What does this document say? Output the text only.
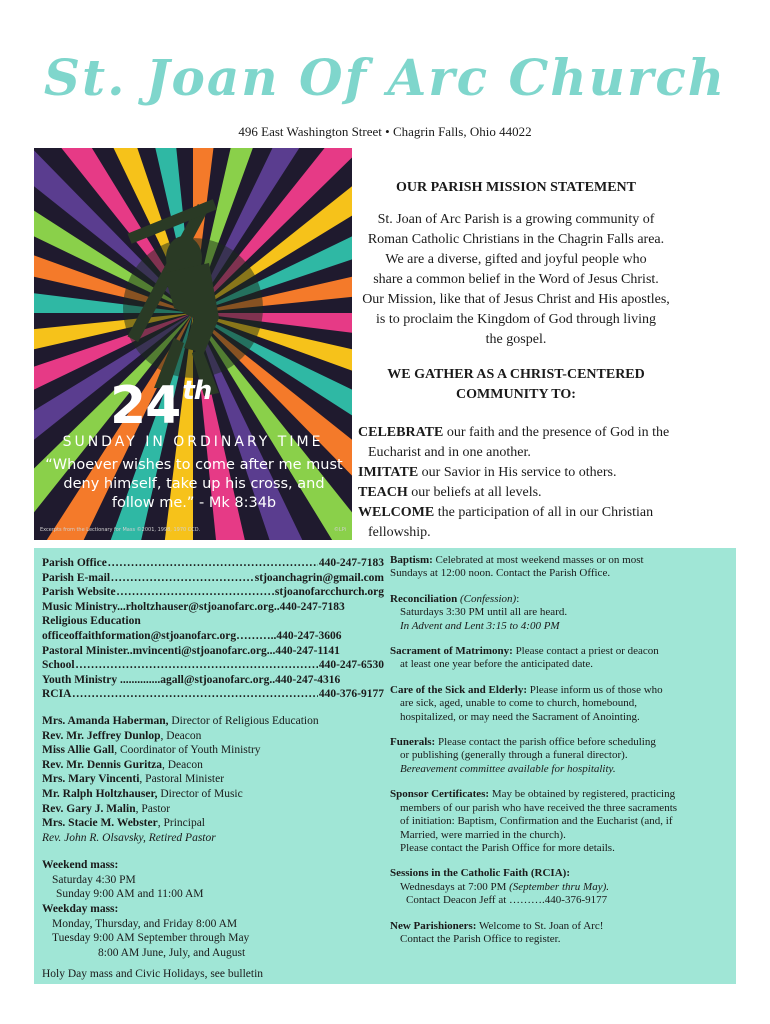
St. Joan Of Arc Church
496 East Washington Street • Chagrin Falls, Ohio 44022
24th
SUNDAY IN ORDINARY TIME
“Whoever wishes to come after me must
deny himself, take up his cross, and
follow me.” - Mk 8:34b
Excerpts from the Lectionary for Mass ©2001, 1998, 1970 CCD.	©LPi
OUR PARISH MISSION STATEMENT
St. Joan of Arc Parish is a growing community of
Roman Catholic Christians in the Chagrin Falls area.
We are a diverse, gifted and joyful people who
share a common belief in the Word of Jesus Christ.
Our Mission, like that of Jesus Christ and His apostles,
is to proclaim the Kingdom of God through living
the gospel.
WE GATHER AS A CHRIST-CENTERED
COMMUNITY TO:

CELEBRATE our faith and the presence of God in the Eucharist and in one another.

IMITATE our Savior in His service to others.

TEACH our beliefs at all levels.

WELCOME the participation of all in our Christian fellowship.

Parish Office .....	440-247-7183
Parish E-mail .....	stjoanchagrin@gmail.com
Parish Website .....	stjoanofarcchurch.org
Music Ministry...rholtzhauser@stjoanofarc.org ..440-247-7183
Religious Education
officeoffaithformation@stjoanofarc.org ………..440-247-3606
Pastoral Minister..mvincenti@stjoanofarc.org ...440-247-1141
School .....	440-247-6530
Youth Ministry ..............agall@stjoanofarc.org ..440-247-4316
RCIA .....	440-376-9177

Mrs. Amanda Haberman, Director of Religious Education

Rev. Mr. Jeffrey Dunlop, Deacon

Miss Allie Gall, Coordinator of Youth Ministry

Rev. Mr. Dennis Guritza, Deacon

Mrs. Mary Vincenti, Pastoral Minister

Mr. Ralph Holtzhauser, Director of Music

Rev. Gary J. Malin, Pastor

Mrs. Stacie M. Webster, Principal

Rev. John R. Olsavsky, Retired Pastor

Weekend mass:

Saturday 4:30 PM

Sunday 9:00 AM and 11:00 AM

Weekday mass:

Monday, Thursday, and Friday 8:00 AM

Tuesday 9:00 AM September through May

8:00 AM June, July, and August

Holy Day mass and Civic Holidays, see bulletin

Baptism: Celebrated at most weekend masses or on most

Sundays at 12:00 noon. Contact the Parish Office.

Reconciliation (Confession):

Saturdays 3:30 PM until all are heard.

In Advent and Lent 3:15 to 4:00 PM

Sacrament of Matrimony: Please contact a priest or deacon

at least one year before the anticipated date.

Care of the Sick and Elderly: Please inform us of those who

are sick, aged, unable to come to church, homebound,

hospitalized, or may need the Sacrament of Anointing.

Funerals: Please contact the parish office before scheduling

or publishing (generally through a funeral director).

Bereavement committee available for hospitality.

Sponsor Certificates: May be obtained by registered, practicing

members of our parish who have received the three sacraments

of initiation: Baptism, Confirmation and the Eucharist (and, if

Married, were married in the church).

Please contact the Parish Office for more details.

Sessions in the Catholic Faith (RCIA):

Wednesdays at 7:00 PM (September thru May).

Contact Deacon Jeff at ……….440-376-9177

New Parishioners: Welcome to St. Joan of Arc!

Contact the Parish Office to register.
